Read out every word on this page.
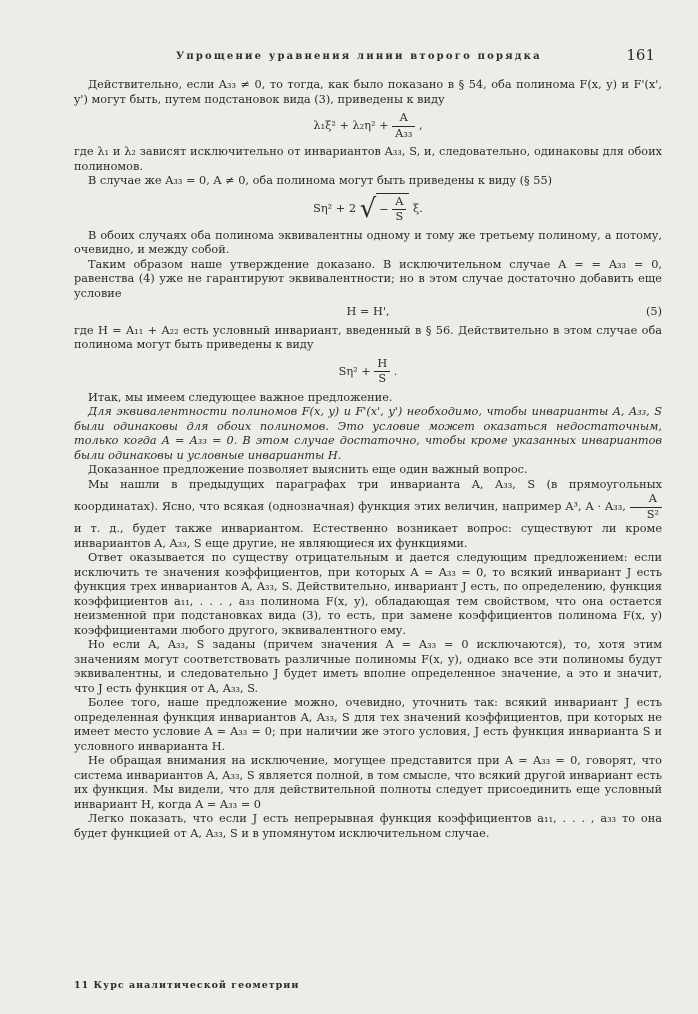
Упрощение уравнения линии второго порядка	161

Действительно, если A₃₃ ≠ 0, то тогда, как было показано в § 54, оба полинома F(x, y) и F'(x', y') могут быть, путем подстановок вида (3), приведены к виду

$\lambda_1\xi^2 + \lambda_2\eta^2 + \frac{A}{\text{A₃₃}}$ ,

где λ₁ и λ₂ зависят исключительно от инвариантов A₃₃, S, и, следовательно, одинаковы для обоих полиномов.

В случае же A₃₃ = 0, A ≠ 0, оба полинома могут быть приведены к виду (§ 55)

Sη² + 2 √ − $\frac{A}{S} \xi$.

В обоих случаях оба полинома эквивалентны одному и тому же третьему полиному, а потому, очевидно, и между собой.

Таким образом наше утверждение доказано. В исключительном случае A = = A₃₃ = 0, равенства (4) уже не гарантируют эквивалентности; но в этом случае достаточно добавить еще условие

H = H',	(5)

где H = A₁₁ + A₂₂ есть условный инвариант, введенный в § 56. Действительно в этом случае оба полинома могут быть приведены к виду

$S\eta^2 + \frac{H}{S}$ .

Итак, мы имеем следующее важное предложение.

Для эквивалентности полиномов F(x, y) и F'(x', y') необходимо, чтобы инварианты A, A₃₃, S были одинаковы для обоих полиномов. Это условие может оказаться недостаточным, только когда A = A₃₃ = 0. В этом случае достаточно, чтобы кроме указанных инвариантов были одинаковы и условные инварианты H.

Доказанное предложение позволяет выяснить еще один важный вопрос.

Мы нашли в предыдущих параграфах три инварианта A, A₃₃, S (в прямоугольных координатах). Ясно, что всякая (однозначная) функция этих величин, например A³, A · A₃₃, $\frac{A}{\text{S²}}$
и т. д., будет также инвариантом. Естественно возникает вопрос: существуют ли кроме инвариантов A, A₃₃, S еще другие, не являющиеся их функциями.

Ответ оказывается по существу отрицательным и дается следующим предложением: если исключить те значения коэффициентов, при которых A = A₃₃ = 0, то всякий инвариант J есть функция трех инвариантов A, A₃₃, S. Действительно, инвариант J есть, по определению, функция коэффициентов a₁₁, . . . , a₃₃ полинома F(x, y), обладающая тем свойством, что она остается неизменной при подстановках вида (3), то есть, при замене коэффициентов полинома F(x, y) коэффициентами любого другого, эквивалентного ему.

Но если A, A₃₃, S заданы (причем значения A = A₃₃ = 0 исключаются), то, хотя этим значениям могут соответствовать различные полиномы F(x, y), однако все эти полиномы будут эквивалентны, и следовательно J будет иметь вполне определенное значение, а это и значит, что J есть функция от A, A₃₃, S.

Более того, наше предложение можно, очевидно, уточнить так: всякий инвариант J есть определенная функция инвариантов A, A₃₃, S для тех значений коэффициентов, при которых не имеет место условие A = A₃₃ = 0; при наличии же этого условия, J есть функция инварианта S и условного инварианта H.

Не обращая внимания на исключение, могущее представится при A = A₃₃ = 0, говорят, что система инвариантов A, A₃₃, S является полной, в том смысле, что всякий другой инвариант есть их функция. Мы видели, что для действительной полноты следует присоединить еще условный инвариант H, когда A = A₃₃ = 0

Легко показать, что если J есть непрерывная функция коэффициентов a₁₁, . . . , a₃₃ то она будет функцией от A, A₃₃, S и в упомянутом исключительном случае.

11 Курс аналитической геометрии
